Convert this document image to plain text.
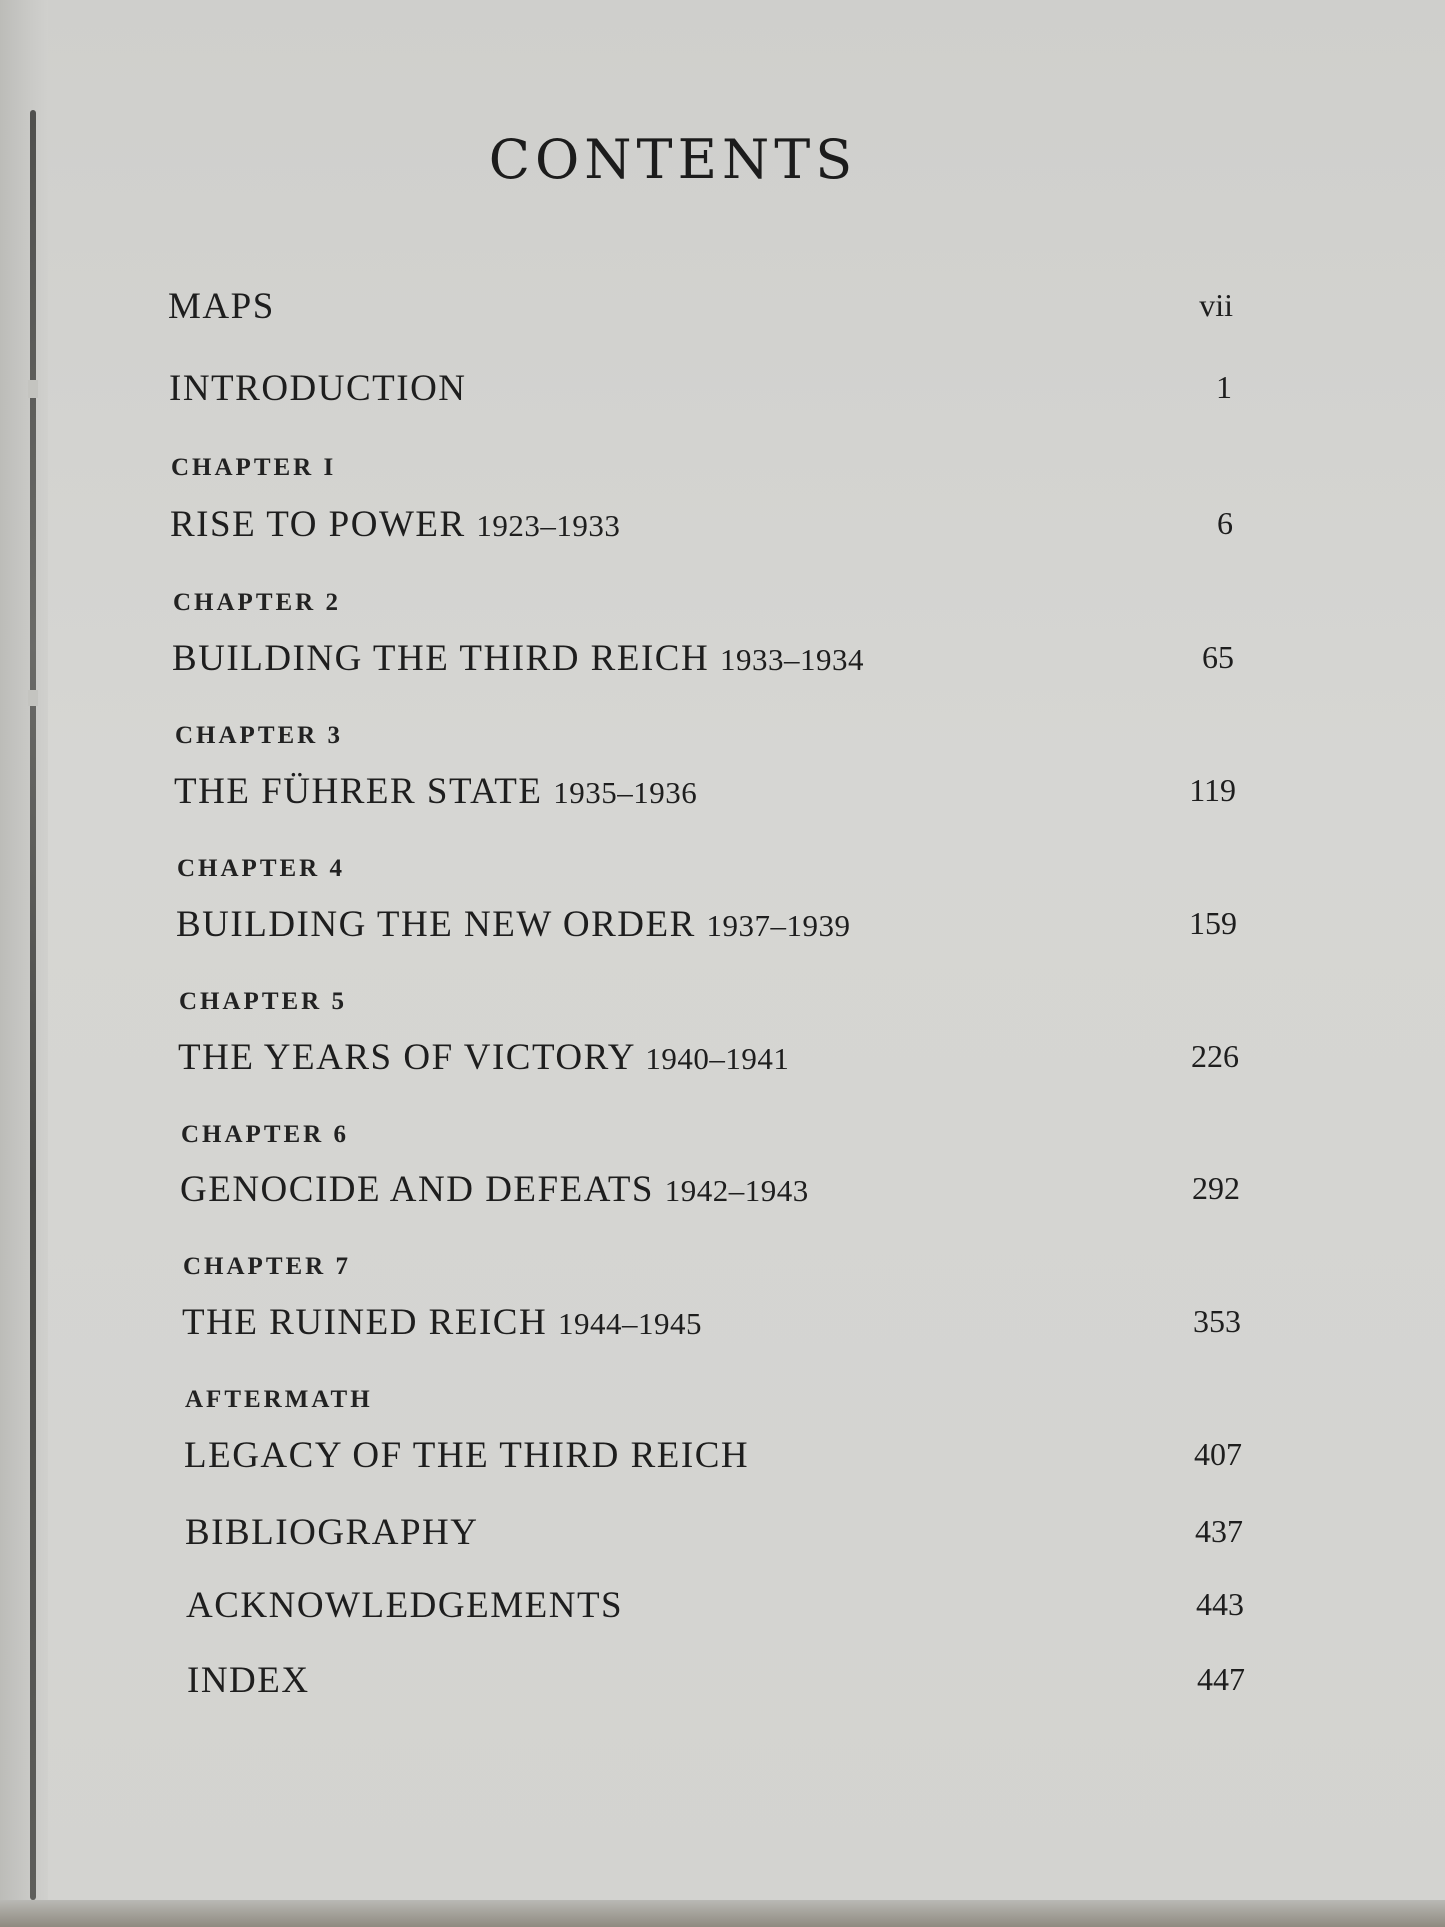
CONTENTS
MAPS	vii
INTRODUCTION	1
CHAPTER I
RISE TO POWER 1923–1933	6
CHAPTER 2
BUILDING THE THIRD REICH 1933–1934	65
CHAPTER 3
THE FÜHRER STATE 1935–1936	119
CHAPTER 4
BUILDING THE NEW ORDER 1937–1939	159
CHAPTER 5
THE YEARS OF VICTORY 1940–1941	226
CHAPTER 6
GENOCIDE AND DEFEATS 1942–1943	292
CHAPTER 7
THE RUINED REICH 1944–1945	353
AFTERMATH
LEGACY OF THE THIRD REICH	407
BIBLIOGRAPHY	437
ACKNOWLEDGEMENTS	443
INDEX	447
